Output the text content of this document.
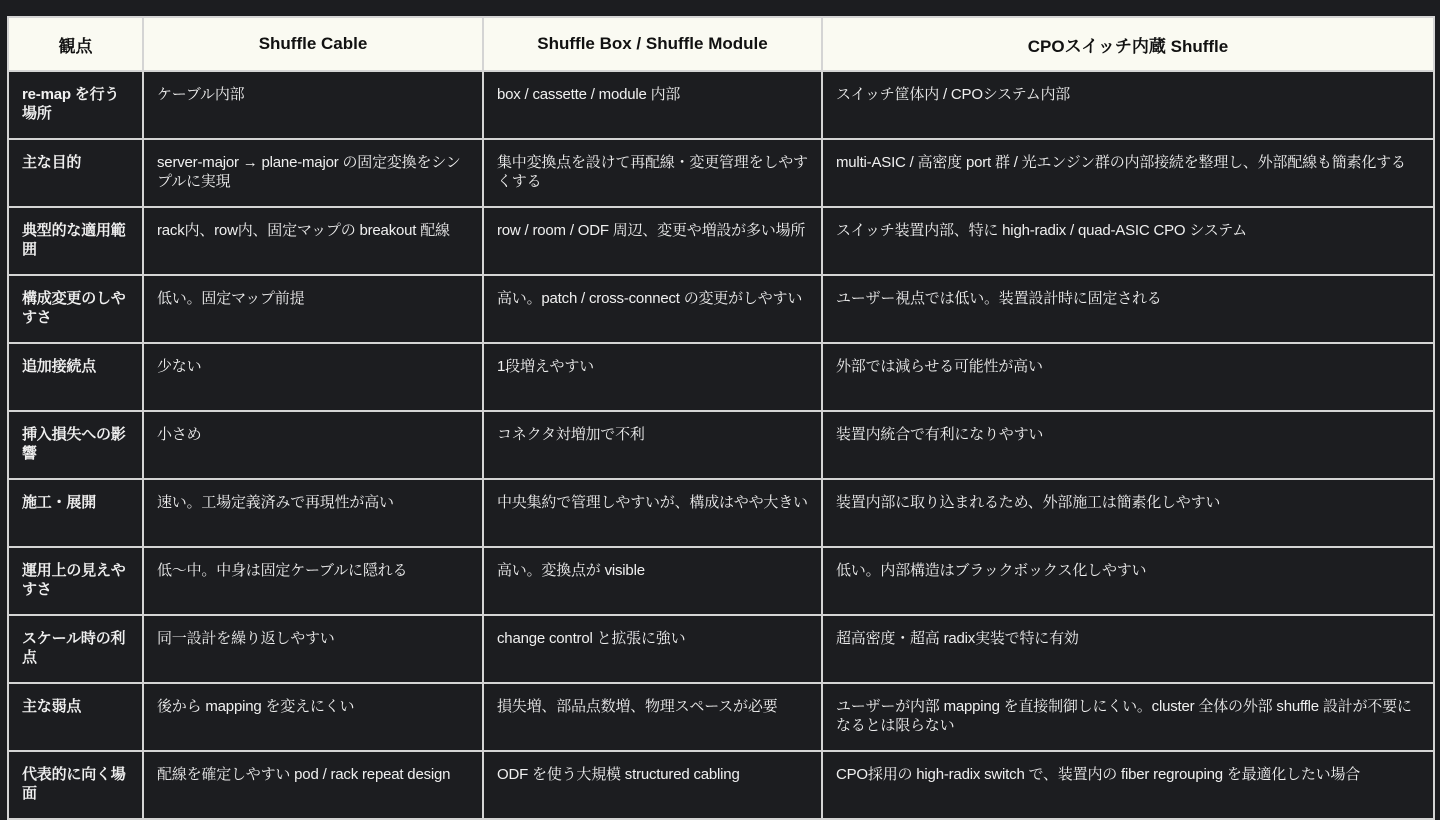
観点	Shuffle Cable	Shuffle Box / Shuffle Module	CPOスイッチ内蔵 Shuffle
re-map を行う場所	ケーブル内部	box / cassette / module 内部	スイッチ筐体内 / CPOシステム内部
主な目的	server-major → plane-major の固定変換をシンプルに実現	集中変換点を設けて再配線・変更管理をしやすくする	multi-ASIC / 高密度 port 群 / 光エンジン群の内部接続を整理し、外部配線も簡素化する
典型的な適用範囲	rack内、row内、固定マップの breakout 配線	row / room / ODF 周辺、変更や増設が多い場所	スイッチ装置内部、特に high-radix / quad-ASIC CPO システム
構成変更のしやすさ	低い。固定マップ前提	高い。patch / cross-connect の変更がしやすい	ユーザー視点では低い。装置設計時に固定される
追加接続点	少ない	1段増えやすい	外部では減らせる可能性が高い
挿入損失への影響	小さめ	コネクタ対増加で不利	装置内統合で有利になりやすい
施工・展開	速い。工場定義済みで再現性が高い	中央集約で管理しやすいが、構成はやや大きい	装置内部に取り込まれるため、外部施工は簡素化しやすい
運用上の見えやすさ	低〜中。中身は固定ケーブルに隠れる	高い。変換点が visible	低い。内部構造はブラックボックス化しやすい
スケール時の利点	同一設計を繰り返しやすい	change control と拡張に強い	超高密度・超高 radix実装で特に有効
主な弱点	後から mapping を変えにくい	損失増、部品点数増、物理スペースが必要	ユーザーが内部 mapping を直接制御しにくい。cluster 全体の外部 shuffle 設計が不要になるとは限らない
代表的に向く場面	配線を確定しやすい pod / rack repeat design	ODF を使う大規模 structured cabling	CPO採用の high-radix switch で、装置内の fiber regrouping を最適化したい場合
